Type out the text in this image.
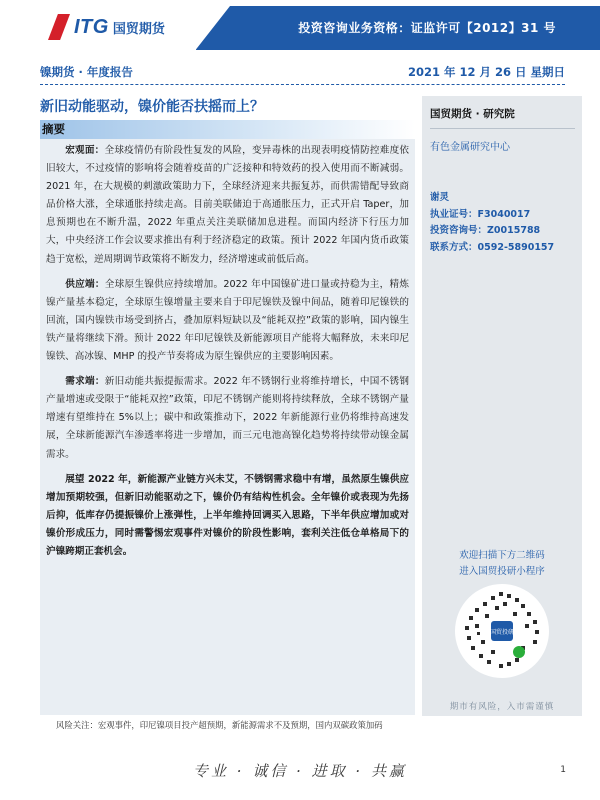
ITG 国贸期货	投资咨询业务资格：证监许可【2012】31 号
镍期货 · 年度报告	2021 年 12 月 26 日 星期日
新旧动能驱动，镍价能否扶摇而上？
摘要

宏观面：全球疫情仍有阶段性复发的风险，变异毒株的出现表明疫情防控难度依旧较大，不过疫情的影响将会随着疫苗的广泛接种和特效药的投入使用而不断减弱。2021 年，在大规模的刺激政策助力下，全球经济迎来共振复苏，而供需错配导致商品价格大涨，全球通胀持续走高。目前美联储迫于高通胀压力，正式开启 Taper，加息预期也在不断升温，2022 年重点关注美联储加息进程。而国内经济下行压力加大，中央经济工作会议要求推出有利于经济稳定的政策。预计 2022 年国内货币政策趋于宽松，逆周期调节政策将不断发力，经济增速或前低后高。

供应端：全球原生镍供应持续增加。2022 年中国镍矿进口量或持稳为主，精炼镍产量基本稳定，全球原生镍增量主要来自于印尼镍铁及镍中间品，随着印尼镍铁的回流，国内镍铁市场受到挤占，叠加原料短缺以及“能耗双控”政策的影响，国内镍生铁产量将继续下滑。预计 2022 年印尼镍铁及新能源项目产能将大幅释放，未来印尼镍铁、高冰镍、MHP 的投产节奏将成为原生镍供应的主要影响因素。

需求端：新旧动能共振提振需求。2022 年不锈钢行业将维持增长，中国不锈钢产量增速或受限于“能耗双控”政策，印尼不锈钢产能则将持续释放，全球不锈钢产量增速有望维持在 5%以上；碳中和政策推动下，2022 年新能源行业仍将维持高速发展，全球新能源汽车渗透率将进一步增加，而三元电池高镍化趋势将持续带动镍金属需求。

展望 2022 年，新能源产业链方兴未艾，不锈钢需求稳中有增，虽然原生镍供应增加预期较强，但新旧动能驱动之下，镍价仍有结构性机会。全年镍价或表现为先扬后抑，低库存仍提振镍价上涨弹性，上半年维持回调买入思路，下半年供应增加或对镍价形成压力，同时需警惕宏观事件对镍价的阶段性影响，套利关注低仓单格局下的沪镍跨期正套机会。

风险关注：宏观事件，印尼镍项目投产超预期，新能源需求不及预期，国内双碳政策加码
国贸期货 · 研究院
有色金属研究中心
谢灵
执业证号：F3040017
投资咨询号：Z0015788
联系方式：0592-5890157
欢迎扫描下方二维码
进入国贸投研小程序
国贸投研
期市有风险，入市需谨慎
专业 · 诚信 · 进取 · 共赢	1
